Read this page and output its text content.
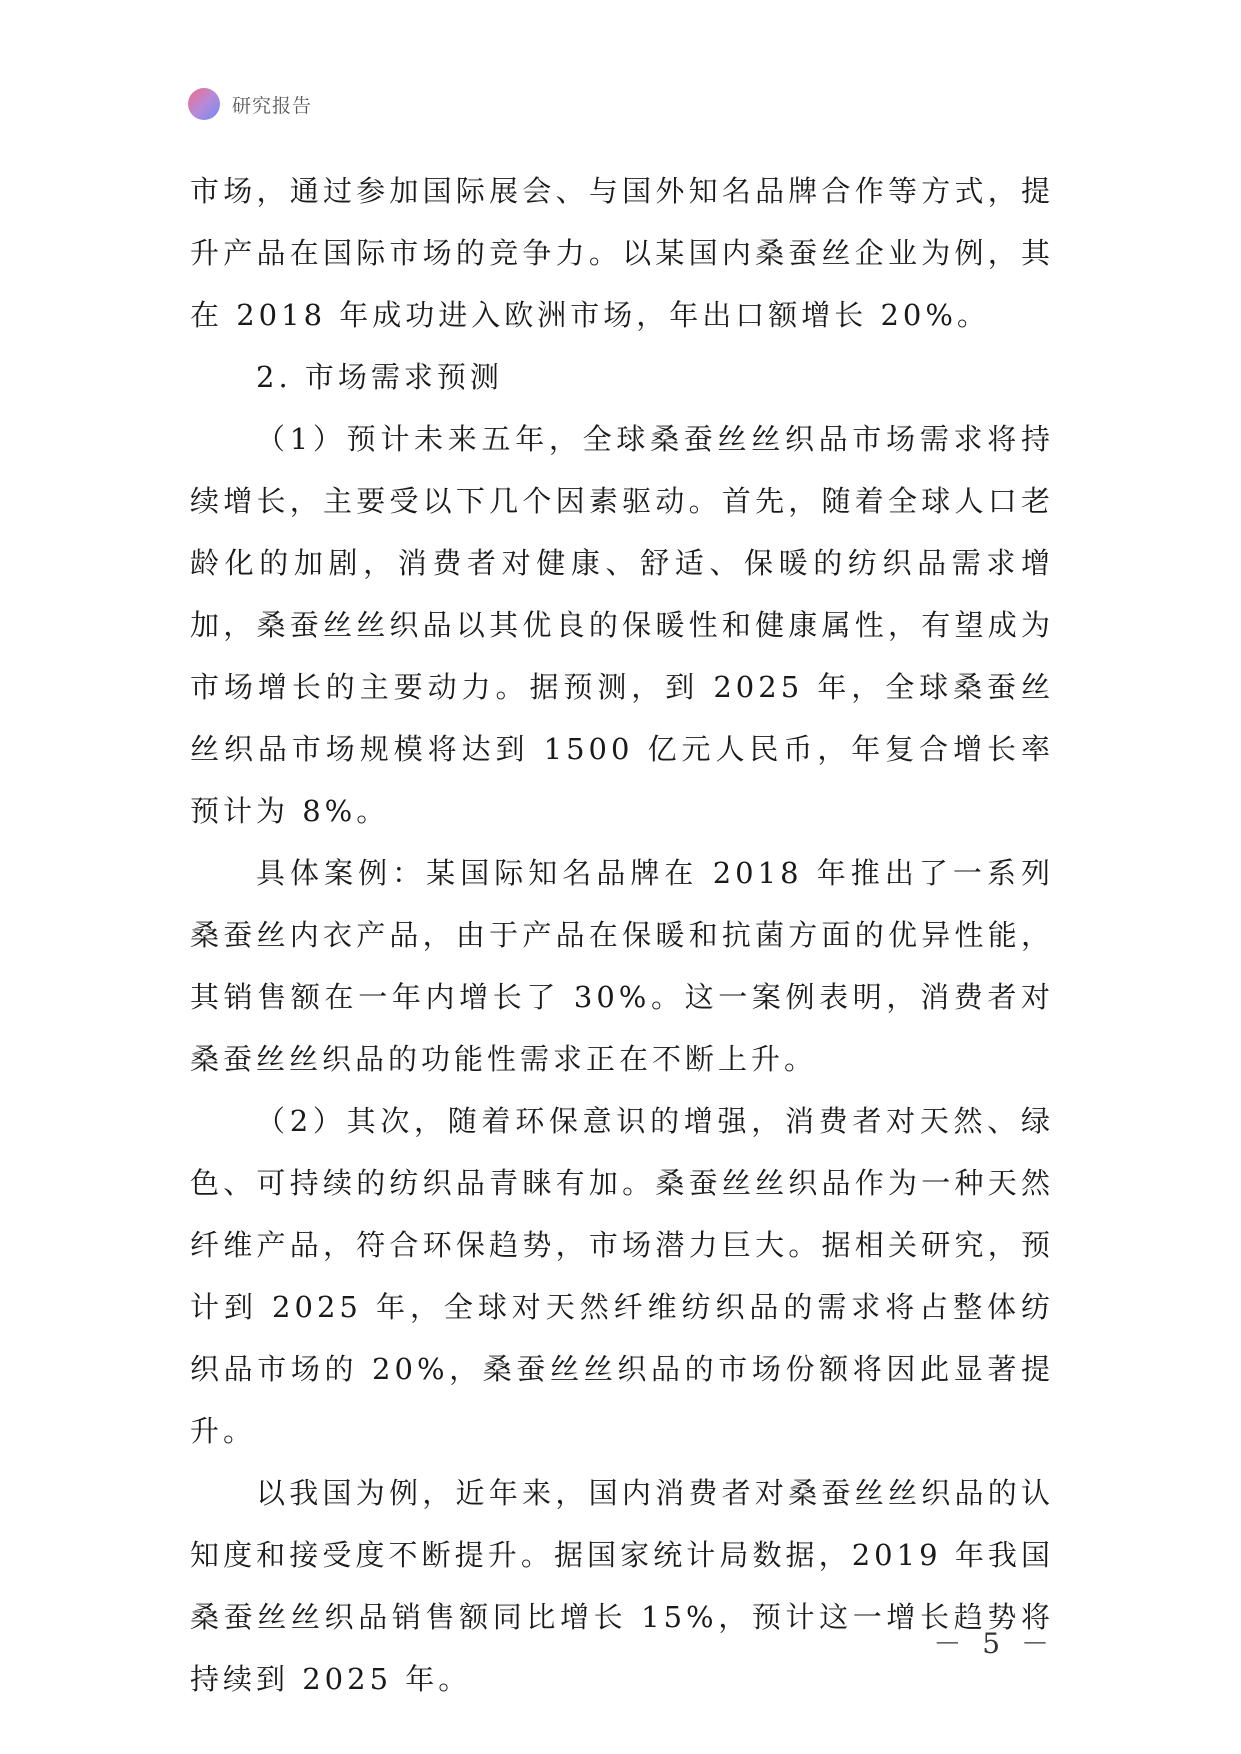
研究报告

市场，通过参加国际展会、与国外知名品牌合作等方式，提升产品在国际市场的竞争力。以某国内桑蚕丝企业为例，其在 2018 年成功进入欧洲市场，年出口额增长 20%。

2. 市场需求预测

（1）预计未来五年，全球桑蚕丝丝织品市场需求将持续增长，主要受以下几个因素驱动。首先，随着全球人口老龄化的加剧，消费者对健康、舒适、保暖的纺织品需求增加，桑蚕丝丝织品以其优良的保暖性和健康属性，有望成为市场增长的主要动力。据预测，到 2025 年，全球桑蚕丝丝织品市场规模将达到 1500 亿元人民币，年复合增长率预计为 8%。

具体案例：某国际知名品牌在 2018 年推出了一系列桑蚕丝内衣产品，由于产品在保暖和抗菌方面的优异性能，其销售额在一年内增长了 30%。这一案例表明，消费者对桑蚕丝丝织品的功能性需求正在不断上升。

（2）其次，随着环保意识的增强，消费者对天然、绿色、可持续的纺织品青睐有加。桑蚕丝丝织品作为一种天然纤维产品，符合环保趋势，市场潜力巨大。据相关研究，预计到 2025 年，全球对天然纤维纺织品的需求将占整体纺织品市场的 20%，桑蚕丝丝织品的市场份额将因此显著提升。

以我国为例，近年来，国内消费者对桑蚕丝丝织品的认知度和接受度不断提升。据国家统计局数据，2019 年我国桑蚕丝丝织品销售额同比增长 15%，预计这一增长趋势将持续到 2025 年。

－ 5 －
